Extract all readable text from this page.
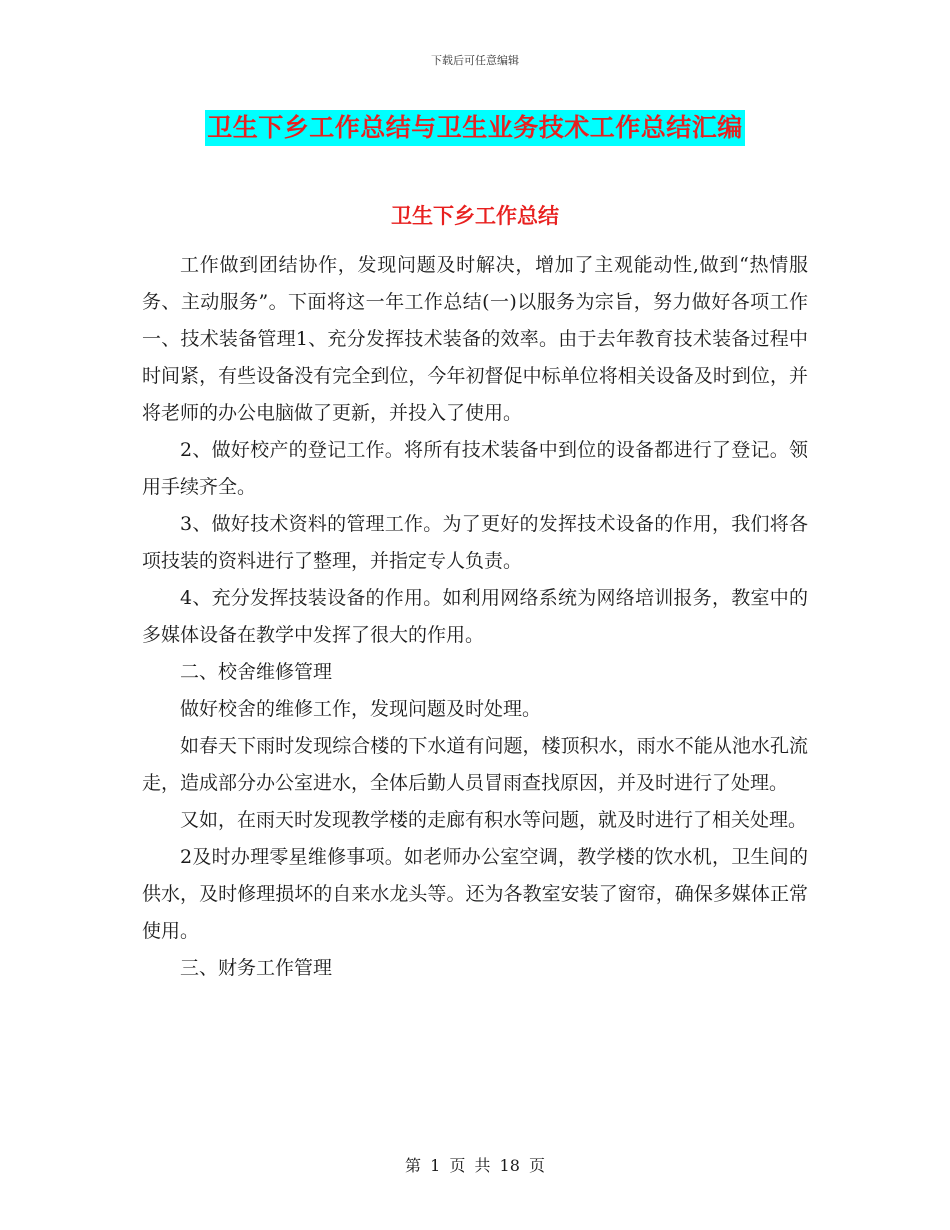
下载后可任意编辑
卫生下乡工作总结与卫生业务技术工作总结汇编
卫生下乡工作总结

工作做到团结协作，发现问题及时解决，增加了主观能动性,做到“热情服务、主动服务”。下面将这一年工作总结(一)以服务为宗旨，努力做好各项工作一、技术装备管理1、充分发挥技术装备的效率。由于去年教育技术装备过程中时间紧，有些设备没有完全到位，今年初督促中标单位将相关设备及时到位，并将老师的办公电脑做了更新，并投入了使用。

2、做好校产的登记工作。将所有技术装备中到位的设备都进行了登记。领用手续齐全。

3、做好技术资料的管理工作。为了更好的发挥技术设备的作用，我们将各项技装的资料进行了整理，并指定专人负责。

4、充分发挥技装设备的作用。如利用网络系统为网络培训报务，教室中的多媒体设备在教学中发挥了很大的作用。

二、校舍维修管理

做好校舍的维修工作，发现问题及时处理。

如春天下雨时发现综合楼的下水道有问题，楼顶积水，雨水不能从池水孔流走，造成部分办公室进水，全体后勤人员冒雨查找原因，并及时进行了处理。

又如，在雨天时发现教学楼的走廊有积水等问题，就及时进行了相关处理。

2及时办理零星维修事项。如老师办公室空调，教学楼的饮水机，卫生间的供水，及时修理损坏的自来水龙头等。还为各教室安装了窗帘，确保多媒体正常使用。

三、财务工作管理

第 1 页 共 18 页
